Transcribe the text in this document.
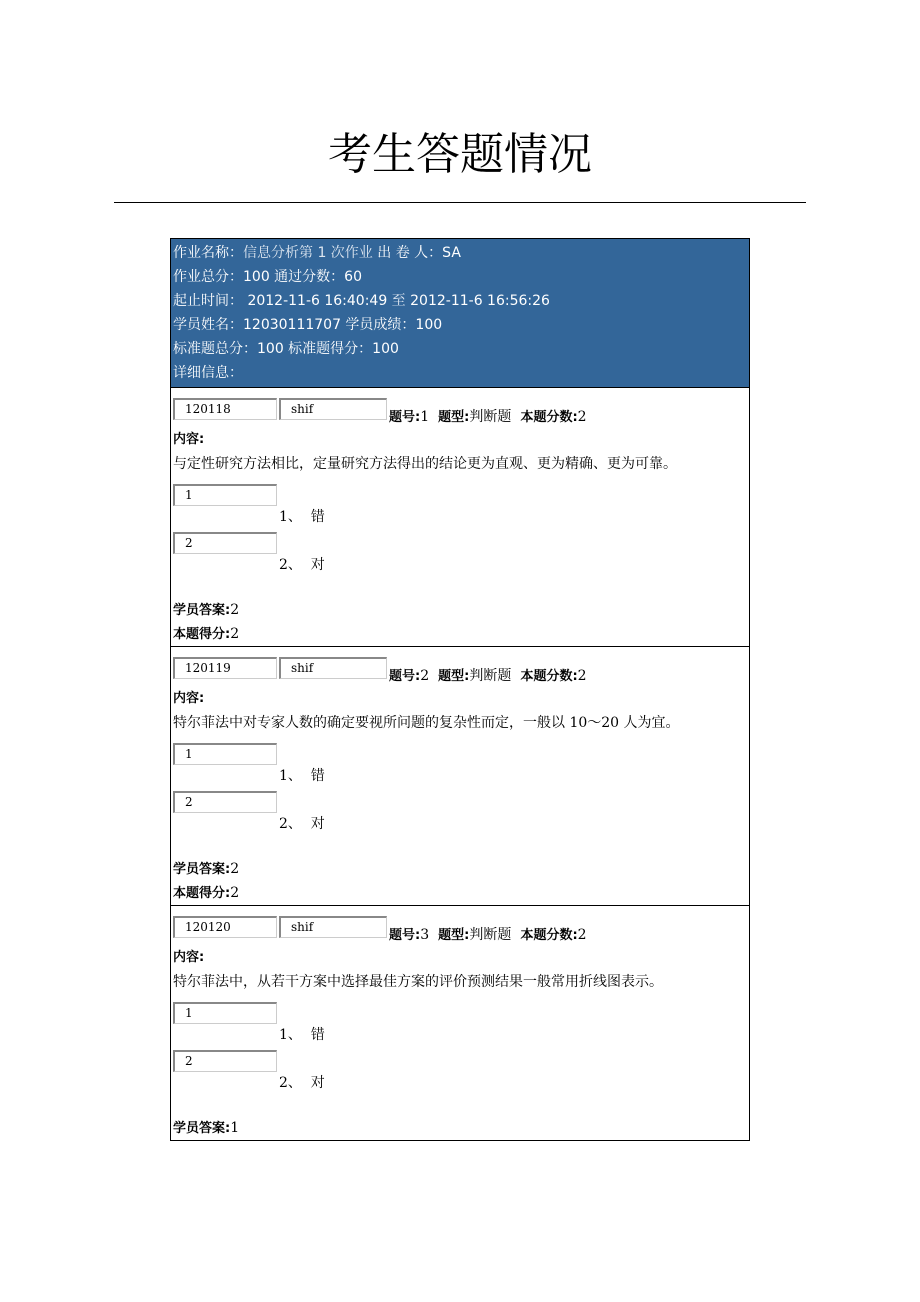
考生答题情况
作业名称：信息分析第 1 次作业 出 卷 人：SA
作业总分：100 通过分数：60
起止时间： 2012-11-6 16:40:49 至 2012-11-6 16:56:26
学员姓名：12030111707 学员成绩：100
标准题总分：100 标准题得分：100
详细信息：
120118	shif
题号:1  题型:判断题  本题分数:2
内容:
与定性研究方法相比，定量研究方法得出的结论更为直观、更为精确、更为可靠。
1
1、  错
2
2、  对
学员答案:2
本题得分:2
120119	shif
题号:2  题型:判断题  本题分数:2
内容:
特尔菲法中对专家人数的确定要视所问题的复杂性而定，一般以 10～20 人为宜。
1
1、  错
2
2、  对
学员答案:2
本题得分:2
120120	shif
题号:3  题型:判断题  本题分数:2
内容:
特尔菲法中，从若干方案中选择最佳方案的评价预测结果一般常用折线图表示。
1
1、  错
2
2、  对
学员答案:1
